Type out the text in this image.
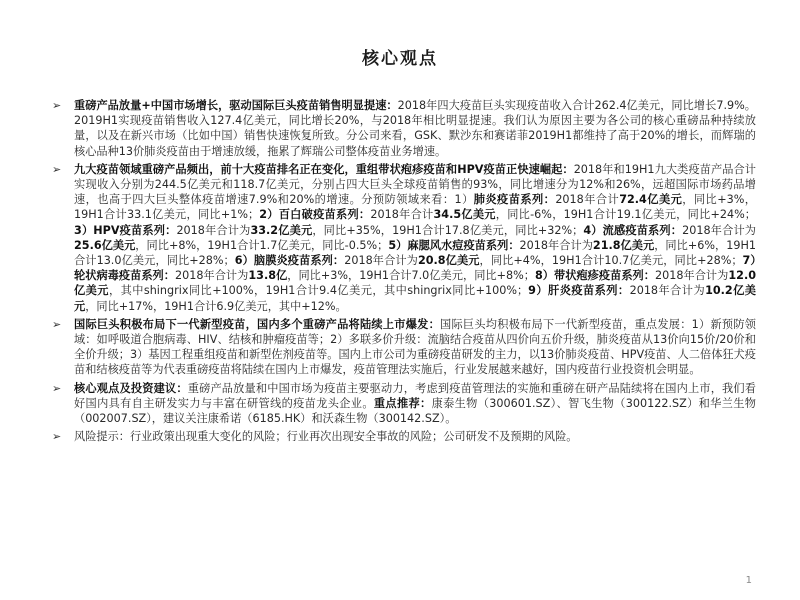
核心观点
➢ 重磅产品放量+中国市场增长，驱动国际巨头疫苗销售明显提速：2018年四大疫苗巨头实现疫苗收入合计262.4亿美元，同比增长7.9%。2019H1实现疫苗销售收入127.4亿美元，同比增长20%，与2018年相比明显提速。我们认为原因主要为各公司的核心重磅品种持续放量，以及在新兴市场（比如中国）销售快速恢复所致。分公司来看，GSK、默沙东和赛诺菲2019H1都维持了高于20%的增长，而辉瑞的核心品种13价肺炎疫苗由于增速放缓，拖累了辉瑞公司整体疫苗业务增速。
➢ 九大疫苗领域重磅产品频出，前十大疫苗排名正在变化，重组带状疱疹疫苗和HPV疫苗正快速崛起：2018年和19H1九大类疫苗产品合计实现收入分别为244.5亿美元和118.7亿美元，分别占四大巨头全球疫苗销售的93%，同比增速分为12%和26%，远超国际市场药品增速，也高于四大巨头整体疫苗增速7.9%和20%的增速。分预防领域来看：1）肺炎疫苗系列：2018年合计72.4亿美元，同比+3%，19H1合计33.1亿美元，同比+1%；2）百白破疫苗系列：2018年合计34.5亿美元，同比-6%，19H1合计19.1亿美元，同比+24%；3）HPV疫苗系列：2018年合计为33.2亿美元，同比+35%，19H1合计17.8亿美元，同比+32%；4）流感疫苗系列：2018年合计为25.6亿美元，同比+8%，19H1合计1.7亿美元，同比-0.5%；5）麻腮风水痘疫苗系列：2018年合计为21.8亿美元，同比+6%，19H1合计13.0亿美元，同比+28%；6）脑膜炎疫苗系列：2018年合计为20.8亿美元，同比+4%，19H1合计10.7亿美元，同比+28%；7）轮状病毒疫苗系列：2018年合计为13.8亿，同比+3%，19H1合计7.0亿美元，同比+8%；8）带状疱疹疫苗系列：2018年合计为12.0亿美元，其中shingrix同比+100%，19H1合计9.4亿美元，其中shingrix同比+100%；9）肝炎疫苗系列：2018年合计为10.2亿美元，同比+17%，19H1合计6.9亿美元，其中+12%。
➢ 国际巨头积极布局下一代新型疫苗，国内多个重磅产品将陆续上市爆发：国际巨头均积极布局下一代新型疫苗，重点发展：1）新预防领域：如呼吸道合胞病毒、HIV、结核和肿瘤疫苗等；2）多联多价升级：流脑结合疫苗从四价向五价升级，肺炎疫苗从13价向15价/20价和全价升级；3）基因工程重组疫苗和新型佐剂疫苗等。国内上市公司为重磅疫苗研发的主力，以13价肺炎疫苗、HPV疫苗、人二倍体狂犬疫苗和结核疫苗等为代表重磅疫苗将陆续在国内上市爆发，疫苗管理法实施后，行业发展越来越好，国内疫苗行业投资机会明显。
➢ 核心观点及投资建议：重磅产品放量和中国市场为疫苗主要驱动力，考虑到疫苗管理法的实施和重磅在研产品陆续将在国内上市，我们看好国内具有自主研发实力与丰富在研管线的疫苗龙头企业。重点推荐：康泰生物（300601.SZ）、智飞生物（300122.SZ）和华兰生物（002007.SZ），建议关注康希诺（6185.HK）和沃森生物（300142.SZ）。
➢ 风险提示：行业政策出现重大变化的风险；行业再次出现安全事故的风险；公司研发不及预期的风险。
1
